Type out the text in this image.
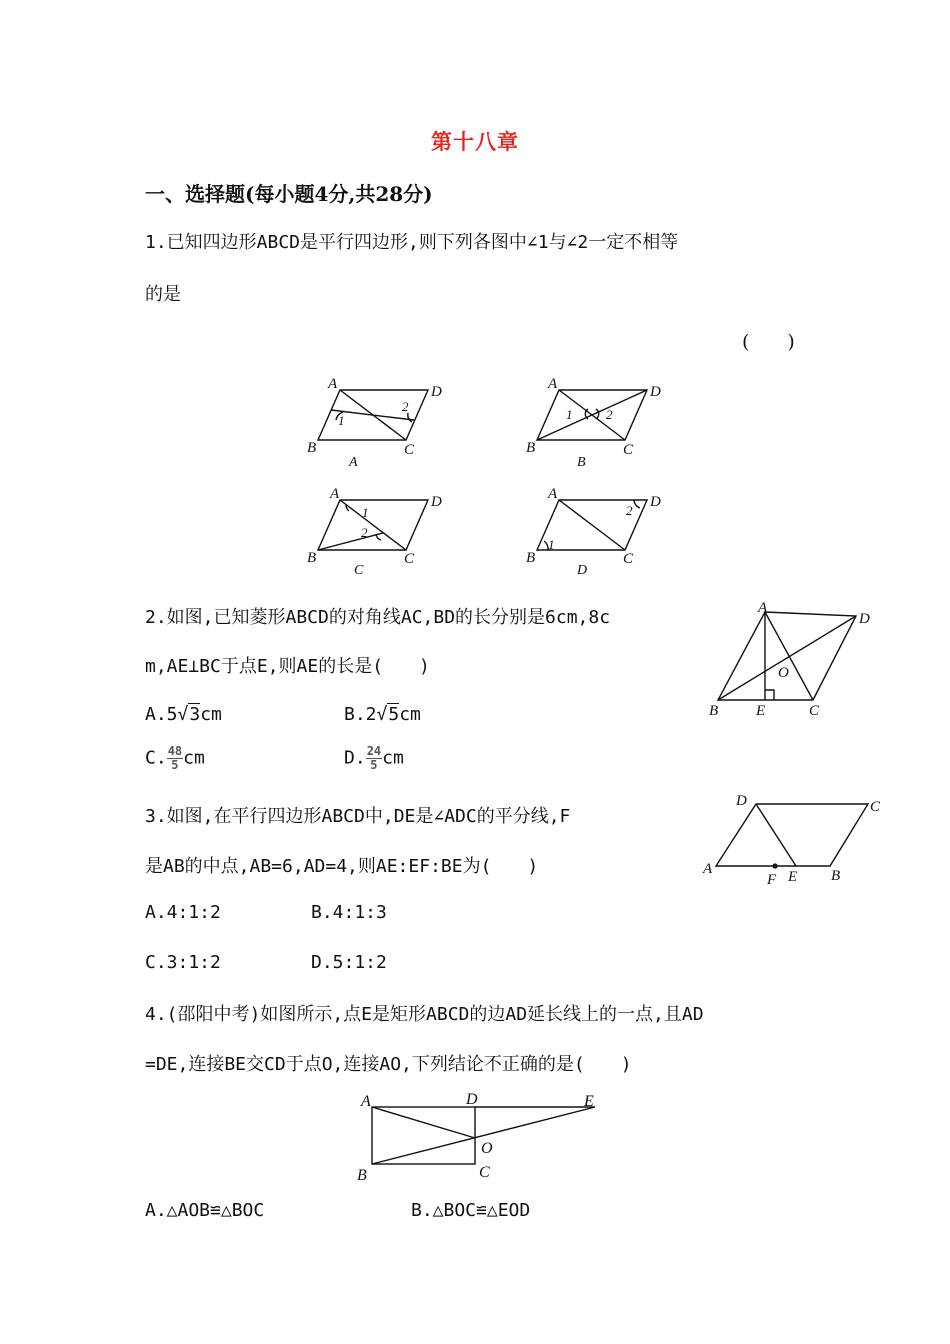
第十八章
一、选择题(每小题4分,共28分)
1.已知四边形ABCD是平行四边形,则下列各图中∠1与∠2一定不相等
的是
(　　)
A	D
B	C
1
2
A
A	D
B	C
1	2
B
A	D
B	C
1
2
C
A	D
B	C
1
2
D
2.如图,已知菱形ABCD的对角线AC,BD的长分别是6cm,8c
m,AE⊥BC于点E,则AE的长是(　　)
A.5√3cm	B.2√5cm
C. $\frac{48}{5}$ cm	D. $\frac{24}{5}$ cm
A
D
B	E	C
O
3.如图,在平行四边形ABCD中,DE是∠ADC的平分线,F
是AB的中点,AB=6,AD=4,则AE:EF:BE为(　　)
A.4:1:2	B.4:1:3
C.3:1:2	D.5:1:2
D	C
A
F E B
4.(邵阳中考)如图所示,点E是矩形ABCD的边AD延长线上的一点,且AD
=DE,连接BE交CD于点O,连接AO,下列结论不正确的是(　　)
A	D	E
O
B	C
A.△AOB≌△BOC	B.△BOC≌△EOD
